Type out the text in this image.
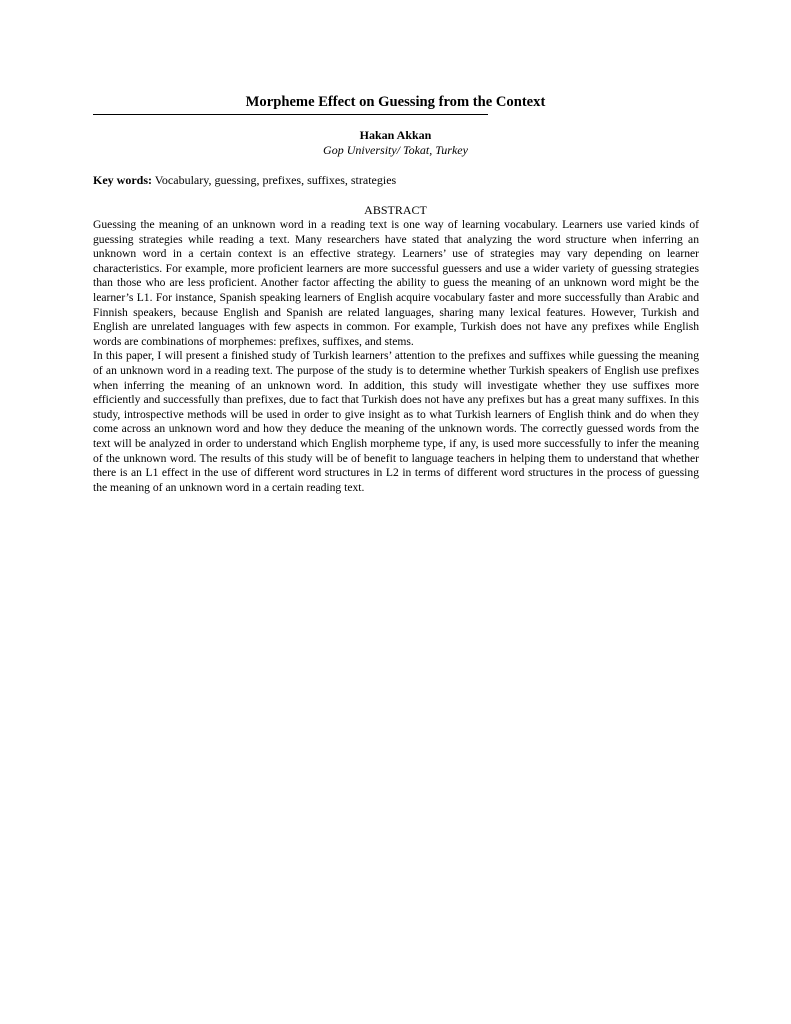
Morpheme Effect on Guessing from the Context
Hakan Akkan
Gop University/ Tokat, Turkey
Key words: Vocabulary, guessing, prefixes, suffixes, strategies
ABSTRACT

Guessing the meaning of an unknown word in a reading text is one way of learning vocabulary. Learners use varied kinds of guessing strategies while reading a text. Many researchers have stated that analyzing the word structure when inferring an unknown word in a certain context is an effective strategy. Learners’ use of strategies may vary depending on learner characteristics. For example, more proficient learners are more successful guessers and use a wider variety of guessing strategies than those who are less proficient. Another factor affecting the ability to guess the meaning of an unknown word might be the learner’s L1. For instance, Spanish speaking learners of English acquire vocabulary faster and more successfully than Arabic and Finnish speakers, because English and Spanish are related languages, sharing many lexical features. However, Turkish and English are unrelated languages with few aspects in common. For example, Turkish does not have any prefixes while English words are combinations of morphemes: prefixes, suffixes, and stems.

In this paper, I will present a finished study of Turkish learners’ attention to the prefixes and suffixes while guessing the meaning of an unknown word in a reading text. The purpose of the study is to determine whether Turkish speakers of English use prefixes when inferring the meaning of an unknown word. In addition, this study will investigate whether they use suffixes more efficiently and successfully than prefixes, due to fact that Turkish does not have any prefixes but has a great many suffixes. In this study, introspective methods will be used in order to give insight as to what Turkish learners of English think and do when they come across an unknown word and how they deduce the meaning of the unknown words. The correctly guessed words from the text will be analyzed in order to understand which English morpheme type, if any, is used more successfully to infer the meaning of the unknown word. The results of this study will be of benefit to language teachers in helping them to understand that whether there is an L1 effect in the use of different word structures in L2 in terms of different word structures in the process of guessing the meaning of an unknown word in a certain reading text.
